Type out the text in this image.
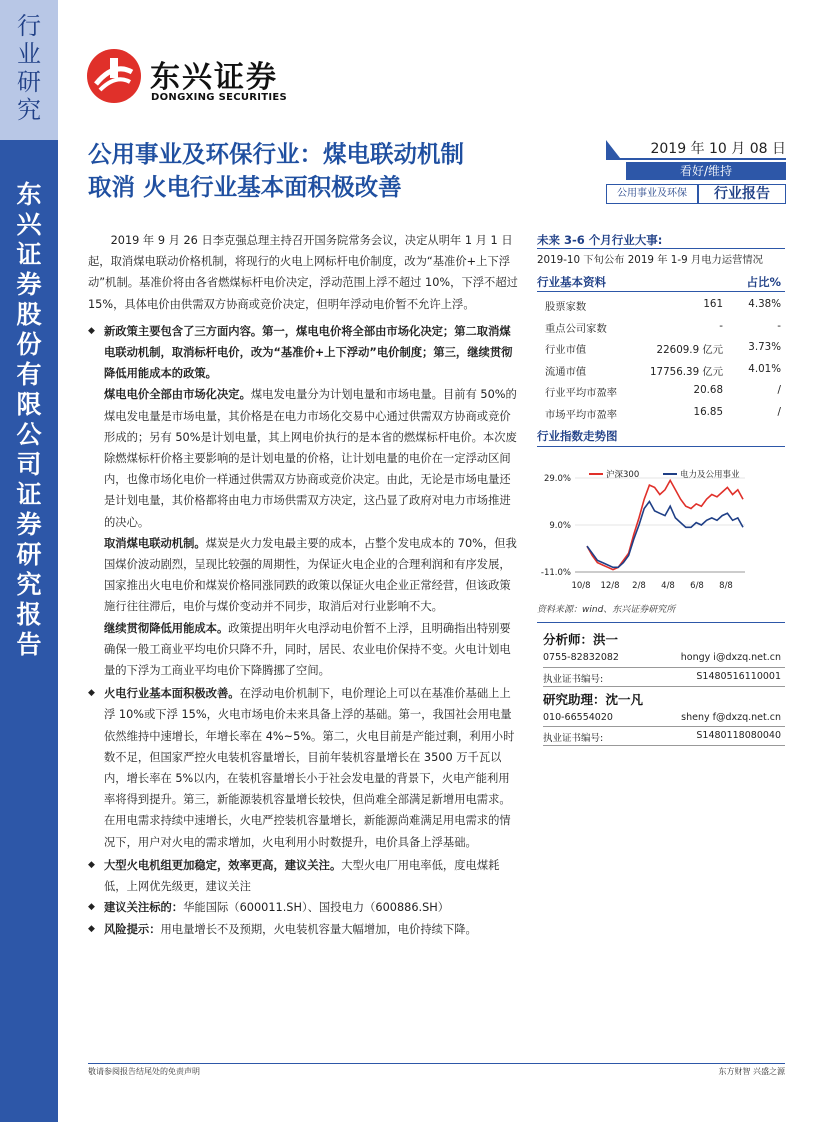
行业研究
东兴证券股份有限公司证券研究报告
东兴证券
DONGXING SECURITIES
公用事业及环保行业：煤电联动机制
取消 火电行业基本面积极改善
2019 年 10 月 08 日
看好/维持
公用事业及环保	行业报告

2019 年 9 月 26 日李克强总理主持召开国务院常务会议，决定从明年 1 月 1 日起，取消煤电联动价格机制，将现行的火电上网标杆电价制度，改为“基准价+上下浮动”机制。基准价将由各省燃煤标杆电价决定，浮动范围上浮不超过 10%，下浮不超过 15%，具体电价由供需双方协商或竞价决定，但明年浮动电价暂不允许上浮。

◆ 新政策主要包含了三方面内容。第一，煤电电价将全部由市场化决定；第二取消煤电联动机制，取消标杆电价，改为“基准价+上下浮动”电价制度；第三，继续贯彻降低用能成本的政策。

煤电电价全部由市场化决定。煤电发电量分为计划电量和市场电量。目前有 50%的煤电发电量是市场电量，其价格是在电力市场化交易中心通过供需双方协商或竞价形成的；另有 50%是计划电量，其上网电价执行的是本省的燃煤标杆电价。本次废除燃煤标杆价格主要影响的是计划电量的价格，让计划电量的电价在一定浮动区间内，也像市场化电价一样通过供需双方协商或竞价决定。由此，无论是市场电量还是计划电量，其价格都将由电力市场供需双方决定，这凸显了政府对电力市场推进的决心。

取消煤电联动机制。煤炭是火力发电最主要的成本，占整个发电成本的 70%，但我国煤价波动剧烈，呈现比较强的周期性，为保证火电企业的合理利润和有序发展，国家推出火电电价和煤炭价格同涨同跌的政策以保证火电企业正常经营，但该政策施行往往滞后，电价与煤价变动并不同步，取消后对行业影响不大。

继续贯彻降低用能成本。政策提出明年火电浮动电价暂不上浮，且明确指出特别要确保一般工商业平均电价只降不升，同时，居民、农业电价保持不变。火电计划电量的下浮为工商业平均电价下降腾挪了空间。

◆ 火电行业基本面积极改善。在浮动电价机制下，电价理论上可以在基准价基础上上浮 10%或下浮 15%，火电市场电价未来具备上浮的基础。第一，我国社会用电量依然维持中速增长，年增长率在 4%~5%。第二，火电目前是产能过剩，利用小时数不足，但国家严控火电装机容量增长，目前年装机容量增长在 3500 万千瓦以内，增长率在 5%以内，在装机容量增长小于社会发电量的背景下，火电产能利用率将得到提升。第三，新能源装机容量增长较快，但尚难全部满足新增用电需求。在用电需求持续中速增长，火电严控装机容量增长，新能源尚难满足用电需求的情况下，用户对火电的需求增加，火电利用小时数提升，电价具备上浮基础。

◆ 大型火电机组更加稳定，效率更高，建议关注。大型火电厂用电率低，度电煤耗低，上网优先级更，建议关注

◆ 建议关注标的：华能国际（600011.SH）、国投电力（600886.SH）

◆ 风险提示：用电量增长不及预期，火电装机容量大幅增加，电价持续下降。

未来 3-6 个月行业大事:
2019-10 下旬公布 2019 年 1-9 月电力运营情况
行业基本资料	占比%
股票家数	161 4.38%
重点公司家数	-	-
行业市值	22609.9 亿元 3.73%
流通市值	17756.39 亿元 4.01%
行业平均市盈率	20.68	/
市场平均市盈率	16.85	/
行业指数走势图
29.0%
9.0%
-11.0%
10/8 12/8 2/8 4/8 6/8 8/8
沪深300	电力及公用事业
资料来源：wind、东兴证券研究所
分析师：洪一
0755-82832082	hongy i@dxzq.net.cn
执业证书编号:	S1480516110001
研究助理：沈一凡
010-66554020	sheny f@dxzq.net.cn
执业证书编号:	S1480118080040
敬请参阅报告结尾处的免责声明	东方财智 兴盛之源
